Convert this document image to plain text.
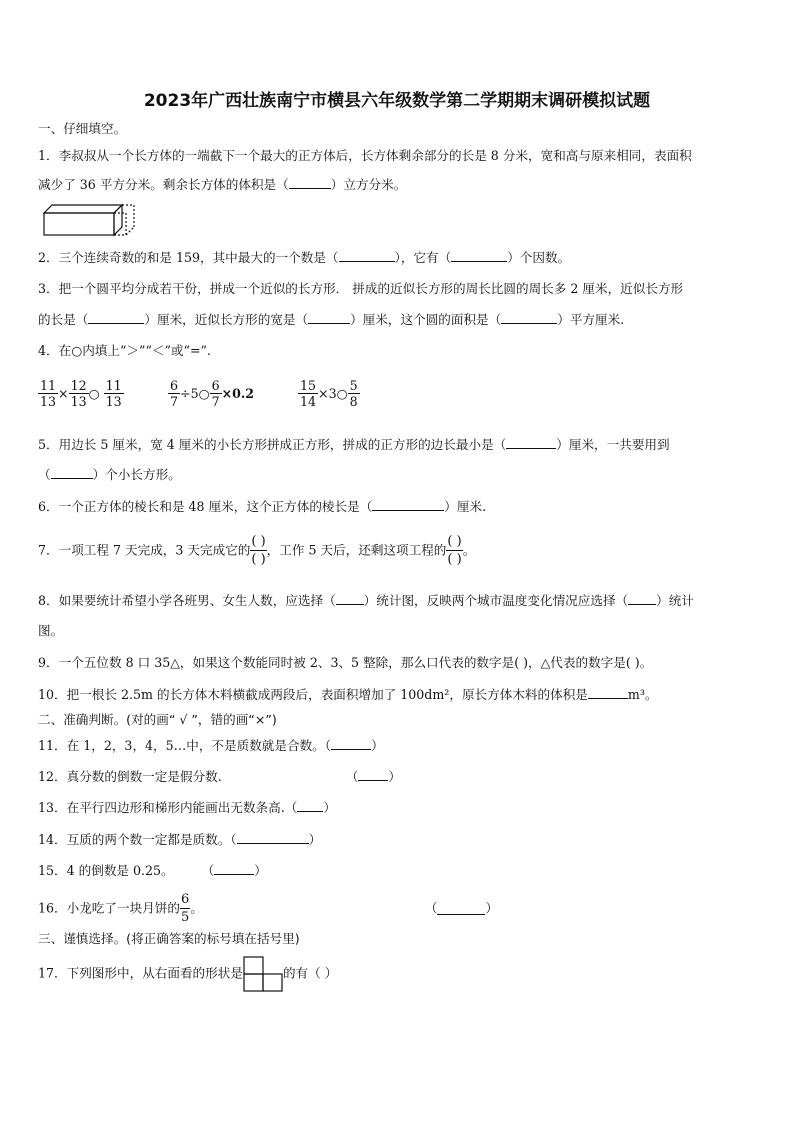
2023年广西壮族南宁市横县六年级数学第二学期期末调研模拟试题
一、仔细填空。
1．李叔叔从一个长方体的一端截下一个最大的正方体后，长方体剩余部分的长是 8 分米，宽和高与原来相同，表面积
减少了 36 平方分米。剩余长方体的体积是（	）立方分米。
2．三个连续奇数的和是 159，其中最大的一个数是（	），它有（	）个因数。
3．把一个圆平均分成若干份，拼成一个近似的长方形． 拼成的近似长方形的周长比圆的周长多 2 厘米，近似长方形
的长是（	）厘米，近似长方形的宽是（	）厘米，这个圆的面积是（	）平方厘米.
4．在○内填上“＞”“＜”或“=”.
$\frac{11}{13} \times \frac{12}{13}$ ○ $\frac{11}{13}$	$\frac{6}{7}$ ÷5○ $\frac{6}{7} \times 0.2$	$\frac{15}{14}$ ×3○ $\frac{5}{8}$
5．用边长 5 厘米，宽 4 厘米的小长方形拼成正方形，拼成的正方形的边长最小是（	）厘米，一共要用到
（	）个小长方形。
6．一个正方体的棱长和是 48 厘米，这个正方体的棱长是（	）厘米.
7．一项工程 7 天完成，3 天完成它的 $\frac{( )}{( )}$ ，工作 5 天后，还剩这项工程的 $\frac{( )}{( )}$ 。
8．如果要统计希望小学各班男、女生人数，应选择（ ）统计图，反映两个城市温度变化情况应选择（ ）统计
图。
9．一个五位数 8 口 35△，如果这个数能同时被 2、3、5 整除，那么口代表的数字是( )，△代表的数字是( )。
10．把一根长 2.5m 的长方体木料横截成两段后，表面积增加了 100dm²，原长方体木料的体积是	m³。
二、准确判断。(对的画“ √ ”，错的画“×”)
11．在 1，2，3，4，5…中，不是质数就是合数。（	）
12．真分数的倒数一定是假分数.	（ ）
13．在平行四边形和梯形内能画出无数条高.（ ）
14．互质的两个数一定都是质数。（	）
15．4 的倒数是 0.25。 （	）
16．小龙吃了一块月饼的 $\frac{6}{5}$ 。	（	）
三、谨慎选择。(将正确答案的标号填在括号里)
17．下列图形中，从右面看的形状是	的有（ ）
